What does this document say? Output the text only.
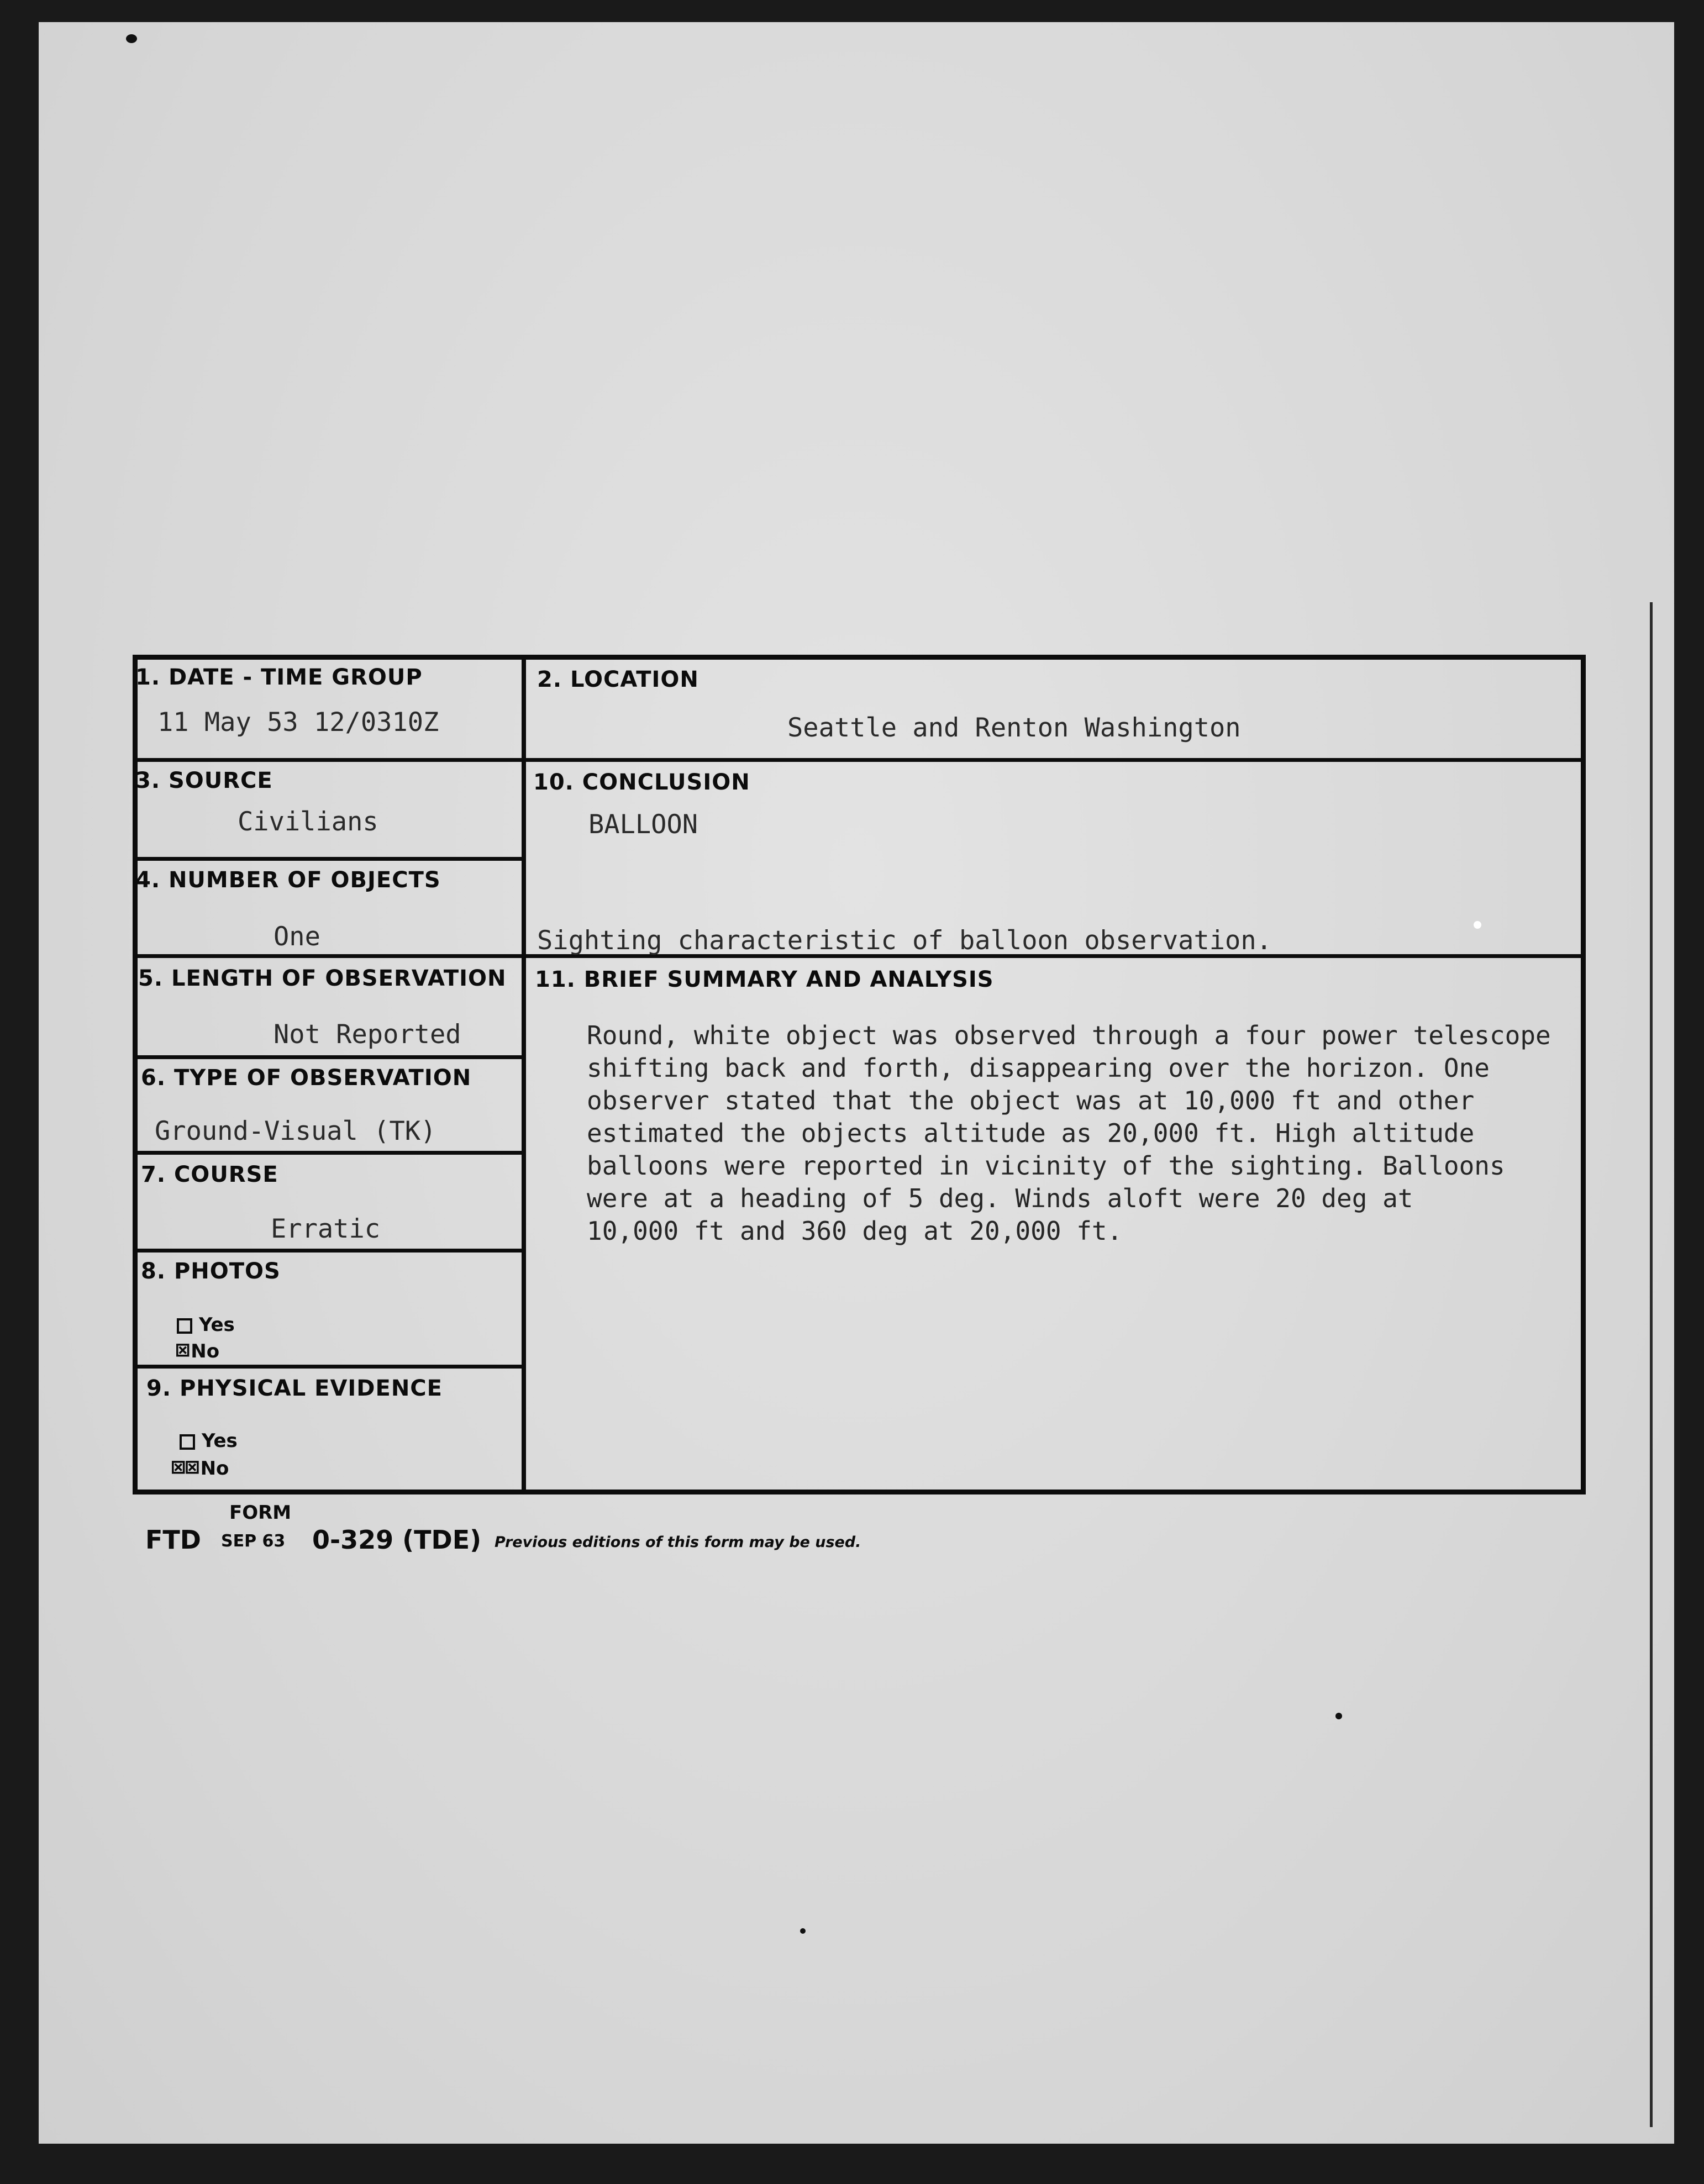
1. DATE - TIME GROUP
11 May 53 12/0310Z
2. LOCATION
Seattle and Renton Washington
3. SOURCE
Civilians
10. CONCLUSION
BALLOON
Sighting characteristic of balloon observation.
4. NUMBER OF OBJECTS
One
5. LENGTH OF OBSERVATION
Not Reported
11. BRIEF SUMMARY AND ANALYSIS
Round, white object was observed through a four power telescope
shifting back and forth, disappearing over the horizon. One
observer stated that the object was at 10,000 ft and other
estimated the objects altitude as 20,000 ft. High altitude
balloons were reported in vicinity of the sighting. Balloons
were at a heading of 5 deg. Winds aloft were 20 deg at
10,000 ft and 360 deg at 20,000 ft.
6. TYPE OF OBSERVATION
Ground-Visual (TK)
7. COURSE
Erratic
8. PHOTOS
Yes
⊠No
9. PHYSICAL EVIDENCE
Yes
⊠⊠No
FORM
FTD SEP 63 0-329 (TDE) Previous editions of this form may be used.
